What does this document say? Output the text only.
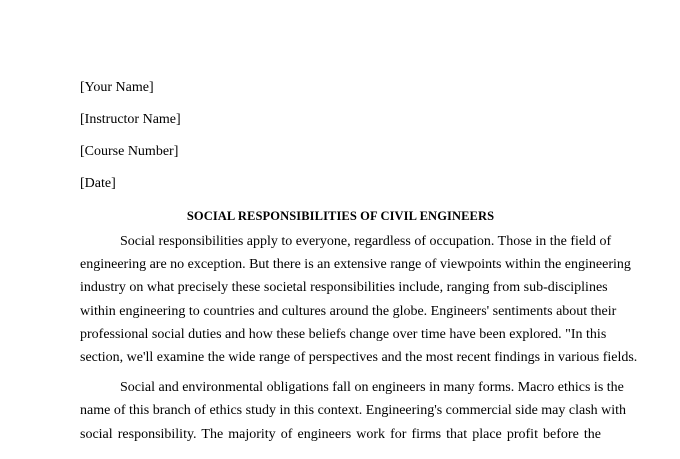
[Your Name]
[Instructor Name]
[Course Number]
[Date]
SOCIAL RESPONSIBILITIES OF CIVIL ENGINEERS
Social responsibilities apply to everyone, regardless of occupation. Those in the field of
engineering are no exception. But there is an extensive range of viewpoints within the engineering
industry on what precisely these societal responsibilities include, ranging from sub-disciplines
within engineering to countries and cultures around the globe. Engineers' sentiments about their
professional social duties and how these beliefs change over time have been explored. "In this
section, we'll examine the wide range of perspectives and the most recent findings in various fields.
Social and environmental obligations fall on engineers in many forms. Macro ethics is the
name of this branch of ethics study in this context. Engineering's commercial side may clash with
social responsibility. The majority of engineers work for firms that place profit before the
